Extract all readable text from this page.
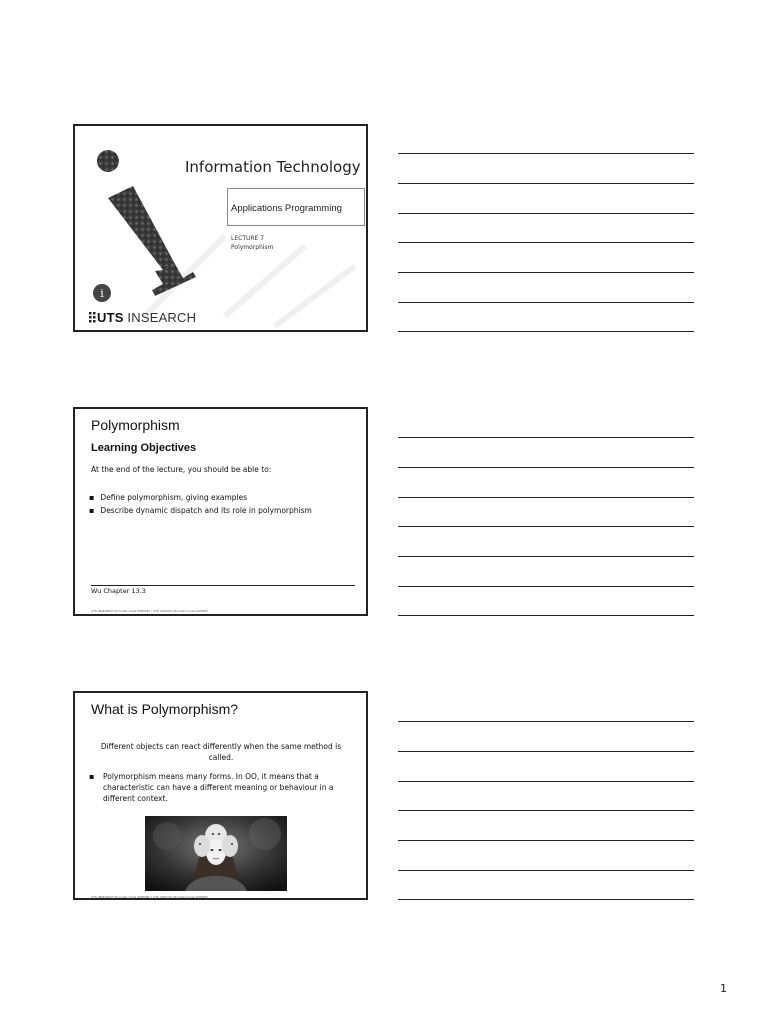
i
Information Technology
Applications Programming
LECTURE 7
Polymorphism
UTS INSEARCH
Polymorphism
Learning Objectives
At the end of the lecture, you should be able to:
▪ Define polymorphism, giving examples
▪ Describe dynamic dispatch and its role in polymorphism
Wu Chapter 13.3
UTS INSEARCH (Provider Code 00859D) | UTS CRICOS (Provider Code 00099F)
What is Polymorphism?
Different objects can react differently when the same method is called.
▪ Polymorphism means many forms. In OO, it means that a characteristic can have a different meaning or behaviour in a different context.
UTS INSEARCH (Provider Code 00859D) | UTS CRICOS (Provider Code 00099F)
1
